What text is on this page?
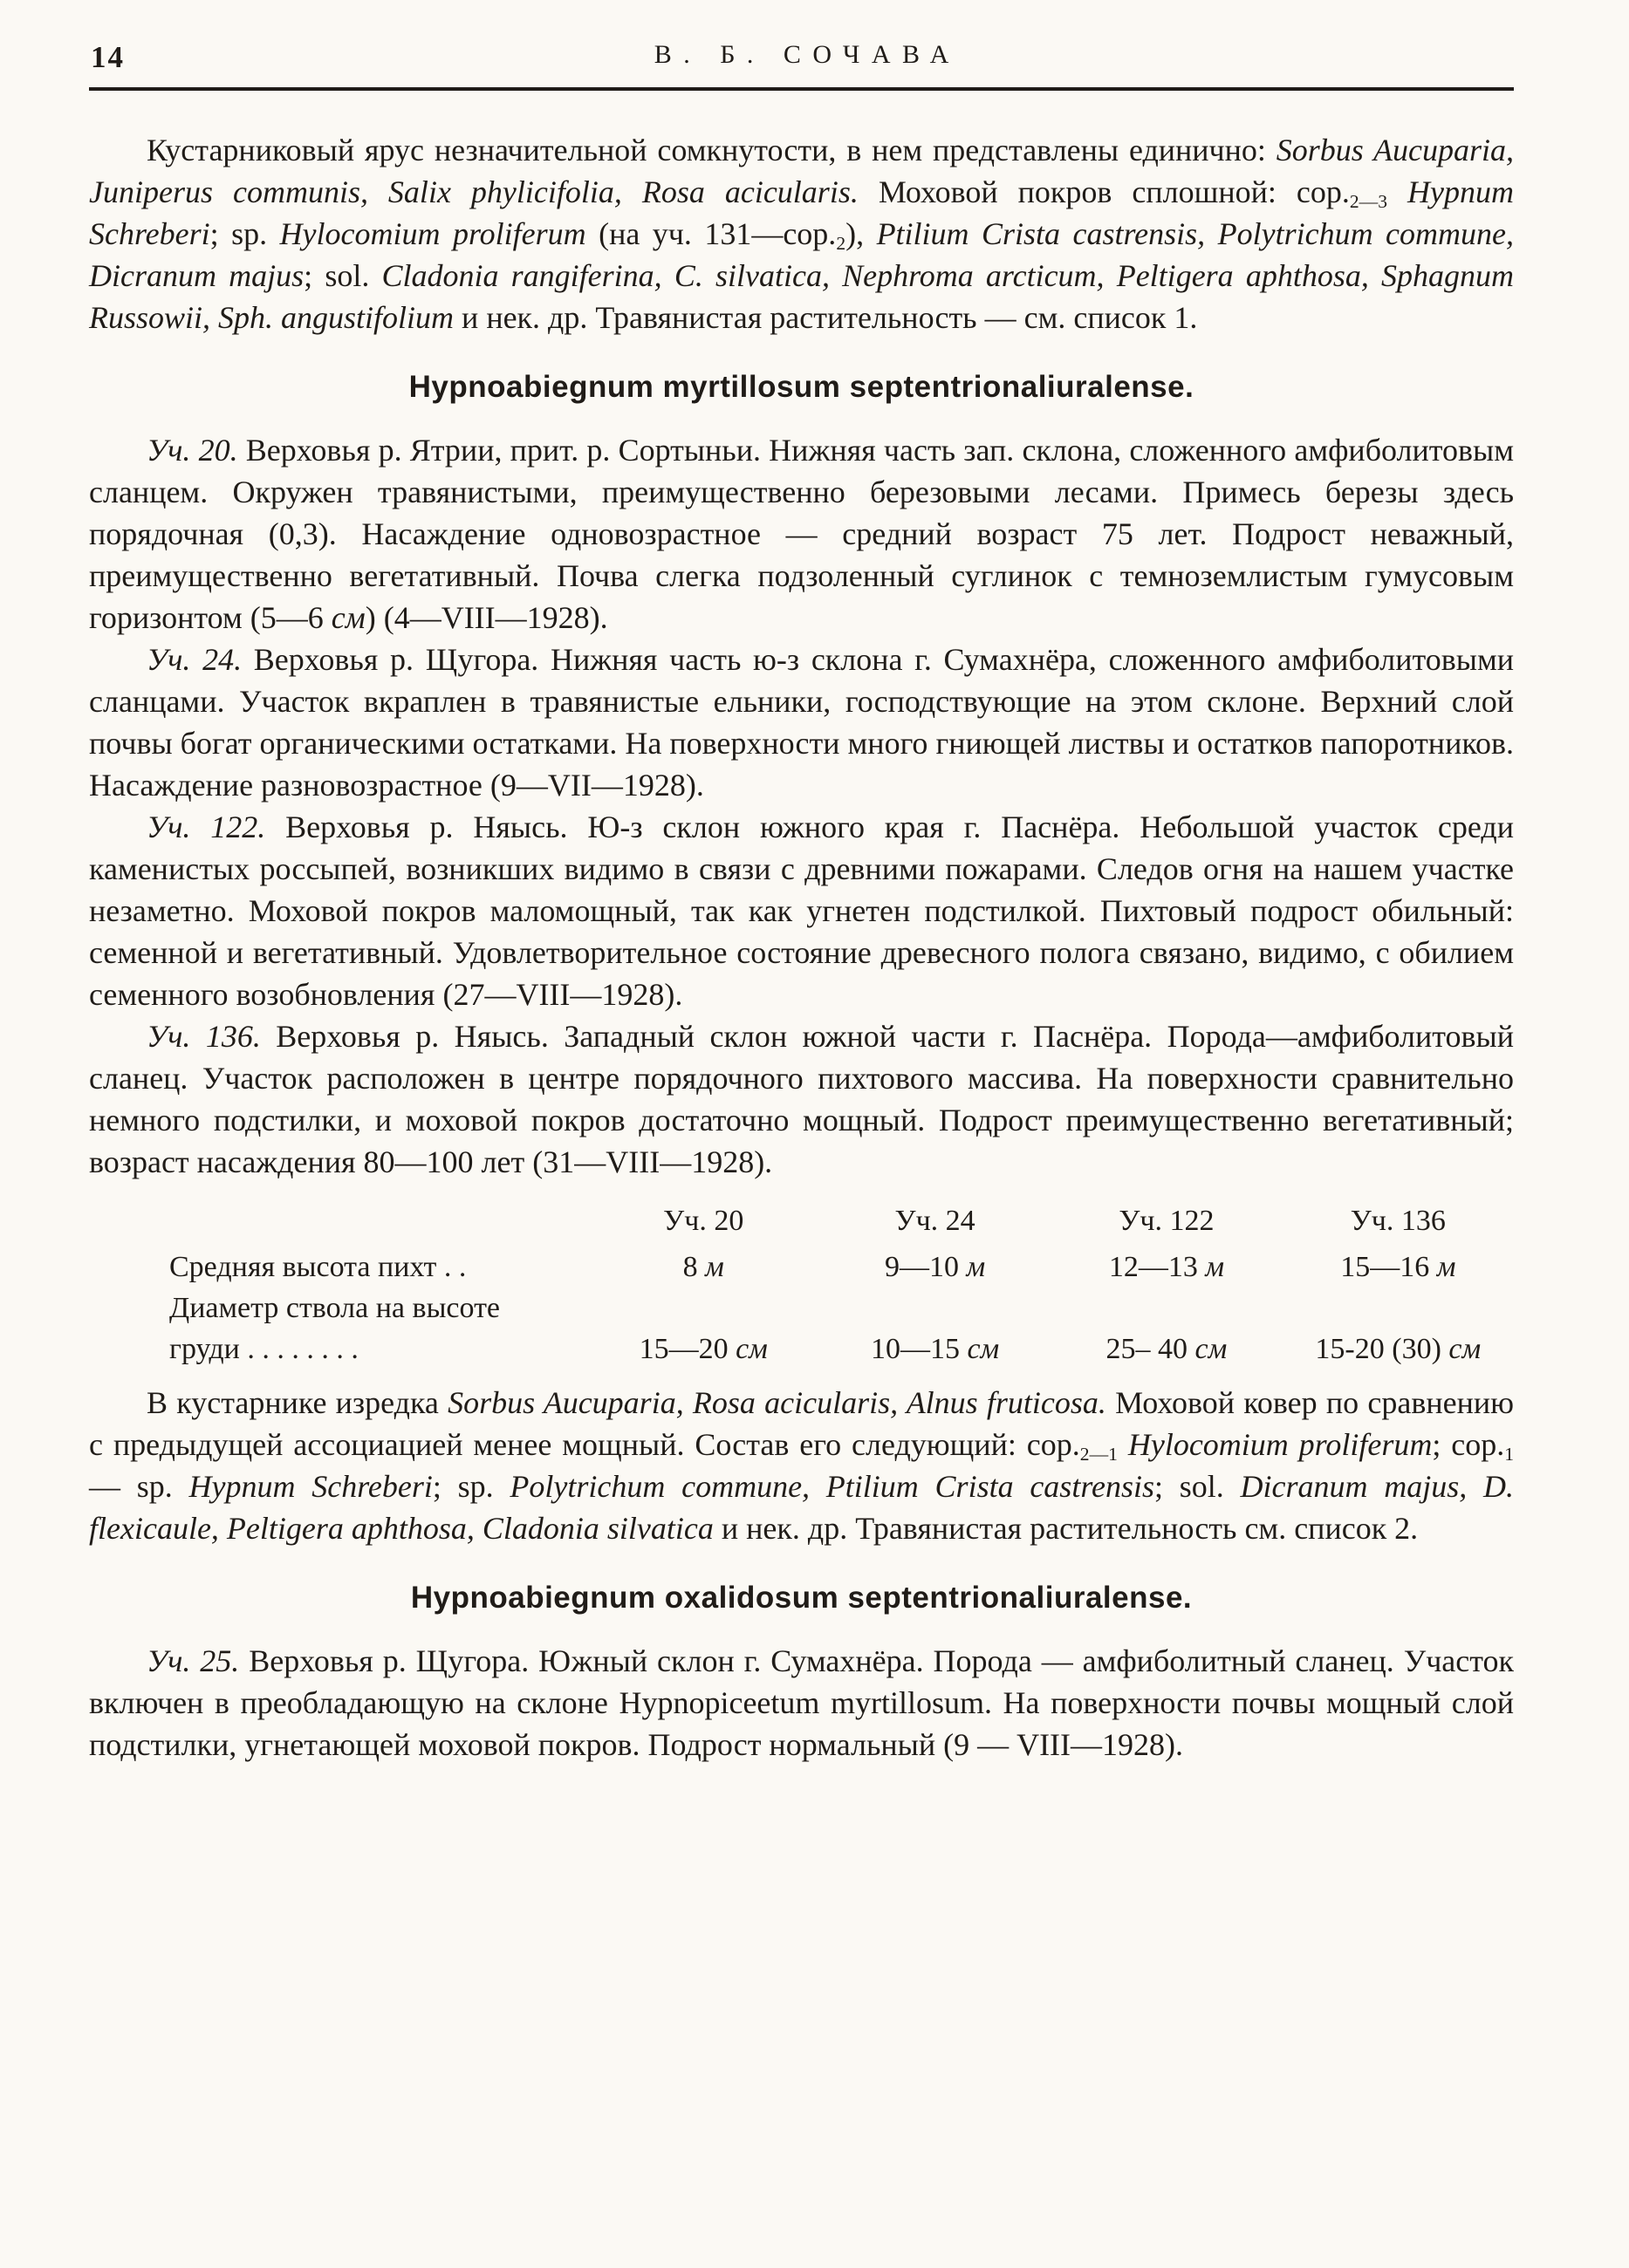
14	В. Б. СОЧАВА

Кустарниковый ярус незначительной сомкнутости, в нем представлены единично: Sorbus Aucuparia, Juniperus communis, Salix phylicifolia, Rosa acicularis. Моховой покров сплошной: $cop._{2—3}$ Hypnum Schreberi; sp. Hylocomium proliferum (на уч. $131—cop._2$), Ptilium Crista castrensis, Polytrichum commune, Dicranum majus; sol. Cladonia rangiferina, C. silvatica, Nephroma arcticum, Peltigera aphthosa, Sphagnum Russowii, Sph. angustifolium и нек. др. Травянистая растительность — см. список 1.

Hypnoabiegnum myrtillosum septentrionaliuralense.

Уч. 20. Верховья р. Ятрии, прит. р. Сортыньи. Нижняя часть зап. склона, сложенного амфиболитовым сланцем. Окружен травянистыми, преимущественно березовыми лесами. Примесь березы здесь порядочная (0,3). Насаждение одновозрастное — средний возраст 75 лет. Подрост неважный, преимущественно вегетативный. Почва слегка подзоленный суглинок с темноземлистым гумусовым горизонтом (5—6 см) (4—VIII—1928).

Уч. 24. Верховья р. Щугора. Нижняя часть ю-з склона г. Сумахнёра, сложенного амфиболитовыми сланцами. Участок вкраплен в травянистые ельники, господствующие на этом склоне. Верхний слой почвы богат органическими остатками. На поверхности много гниющей листвы и остатков папоротников. Насаждение разновозрастное (9—VII—1928).

Уч. 122. Верховья р. Няысь. Ю-з склон южного края г. Паснёра. Небольшой участок среди каменистых россыпей, возникших видимо в связи с древними пожарами. Следов огня на нашем участке незаметно. Моховой покров маломощный, так как угнетен подстилкой. Пихтовый подрост обильный: семенной и вегетативный. Удовлетворительное состояние древесного полога связано, видимо, с обилием семенного возобновления (27—VIII—1928).

Уч. 136. Верховья р. Няысь. Западный склон южной части г. Паснёра. Порода—амфиболитовый сланец. Участок расположен в центре порядочного пихтового массива. На поверхности сравнительно немного подстилки, и моховой покров достаточно мощный. Подрост преимущественно вегетативный; возраст насаждения 80—100 лет (31—VIII—1928).

	Уч. 20	Уч. 24	Уч. 122	Уч. 136
Средняя высота пихт . .	8 м	9—10 м	12—13 м	15—16 м
Диаметр ствола на высоте				
груди . . . . . . . .	15—20 см	10—15 см	25– 40 см	15-20 (30) см

В кустарнике изредка Sorbus Aucuparia, Rosa acicularis, Alnus fruticosa. Моховой ковер по сравнению с предыдущей ассоциацией менее мощный. Состав его следующий: $cop._{2—1}$ Hylocomium proliferum; $cop._1$ — sp. Hypnum Schreberi; sp. Polytrichum commune, Ptilium Crista castrensis; sol. Dicranum majus, D. flexicaule, Peltigera aphthosa, Cladonia silvatica и нек. др. Травянистая растительность см. список 2.

Hypnoabiegnum oxalidosum septentrionaliuralense.

Уч. 25. Верховья р. Щугора. Южный склон г. Сумахнёра. Порода — амфиболитный сланец. Участок включен в преобладающую на склоне Hypnopiceetum myrtillosum. На поверхности почвы мощный слой подстилки, угнетающей моховой покров. Подрост нормальный (9 — VIII—1928).
